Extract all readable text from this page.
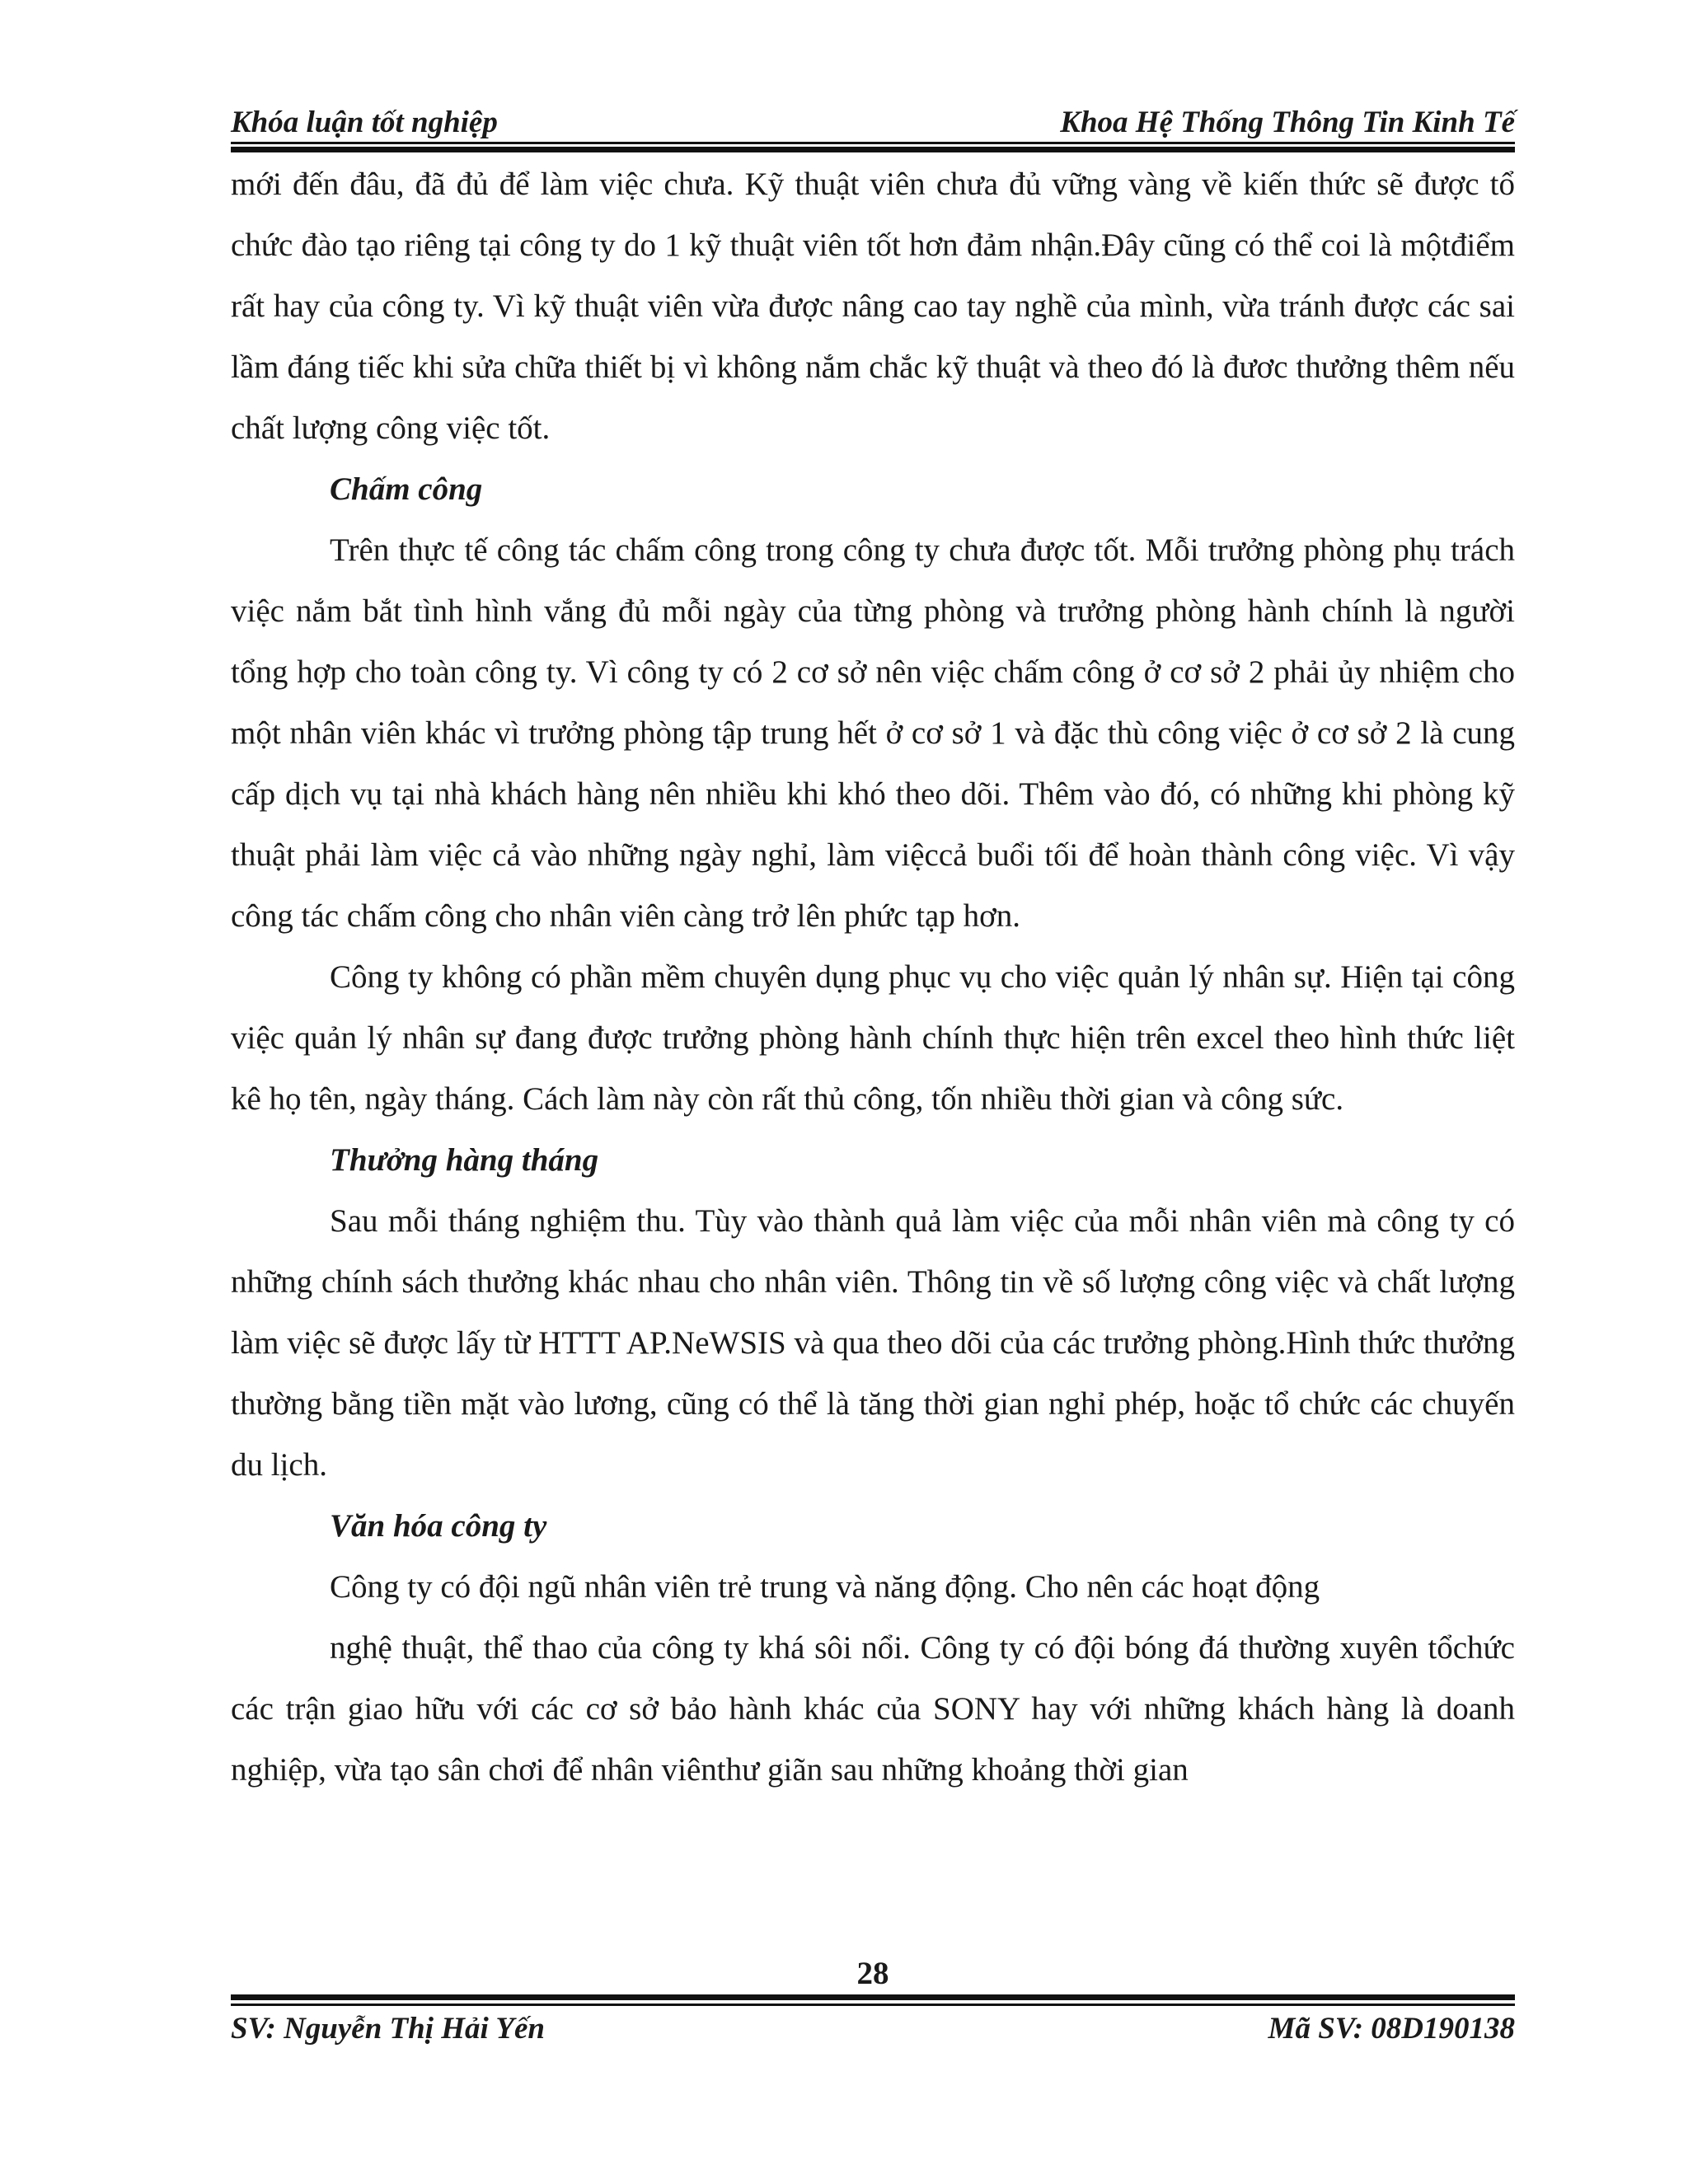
Khóa luận tốt nghiệp	Khoa Hệ Thống Thông Tin Kinh Tế

mới đến đâu, đã đủ để làm việc chưa. Kỹ thuật viên chưa đủ vững vàng về kiến thức sẽ được tổ chức đào tạo riêng tại công ty do 1 kỹ thuật viên tốt hơn đảm nhận.Đây cũng có thể coi là mộtđiểm rất hay của công ty. Vì kỹ thuật viên vừa được nâng cao tay nghề của mình, vừa tránh được các sai lầm đáng tiếc khi sửa chữa thiết bị vì không nắm chắc kỹ thuật và theo đó là đươc thưởng thêm nếu chất lượng công việc tốt.

Chấm công

Trên thực tế công tác chấm công trong công ty chưa được tốt. Mỗi trưởng phòng phụ trách việc nắm bắt tình hình vắng đủ mỗi ngày của từng phòng và trưởng phòng hành chính là người tổng hợp cho toàn công ty. Vì công ty có 2 cơ sở nên việc chấm công ở cơ sở 2 phải ủy nhiệm cho một nhân viên khác vì trưởng phòng tập trung hết ở cơ sở 1 và đặc thù công việc ở cơ sở 2 là cung cấp dịch vụ tại nhà khách hàng nên nhiều khi khó theo dõi. Thêm vào đó, có những khi phòng kỹ thuật phải làm việc cả vào những ngày nghỉ, làm việccả buổi tối để hoàn thành công việc. Vì vậy công tác chấm công cho nhân viên càng trở lên phức tạp hơn.

Công ty không có phần mềm chuyên dụng phục vụ cho việc quản lý nhân sự. Hiện tại công việc quản lý nhân sự đang được trưởng phòng hành chính thực hiện trên excel theo hình thức liệt kê họ tên, ngày tháng. Cách làm này còn rất thủ công, tốn nhiều thời gian và công sức.

Thưởng hàng tháng

Sau mỗi tháng nghiệm thu. Tùy vào thành quả làm việc của mỗi nhân viên mà công ty có những chính sách thưởng khác nhau cho nhân viên. Thông tin về số lượng công việc và chất lượng làm việc sẽ được lấy từ HTTT AP.NeWSIS và qua theo dõi của các trưởng phòng.Hình thức thưởng thường bằng tiền mặt vào lương, cũng có thể là tăng thời gian nghỉ phép, hoặc tổ chức các chuyến du lịch.

Văn hóa công ty

Công ty có đội ngũ nhân viên trẻ trung và năng động. Cho nên các hoạt động

nghệ thuật, thể thao của công ty khá sôi nổi. Công ty có đội bóng đá thường xuyên tổchức các trận giao hữu với các cơ sở bảo hành khác của SONY hay với những khách hàng là doanh nghiệp, vừa tạo sân chơi để nhân viênthư giãn sau những khoảng thời gian

28
SV: Nguyễn Thị Hải Yến	Mã SV: 08D190138
